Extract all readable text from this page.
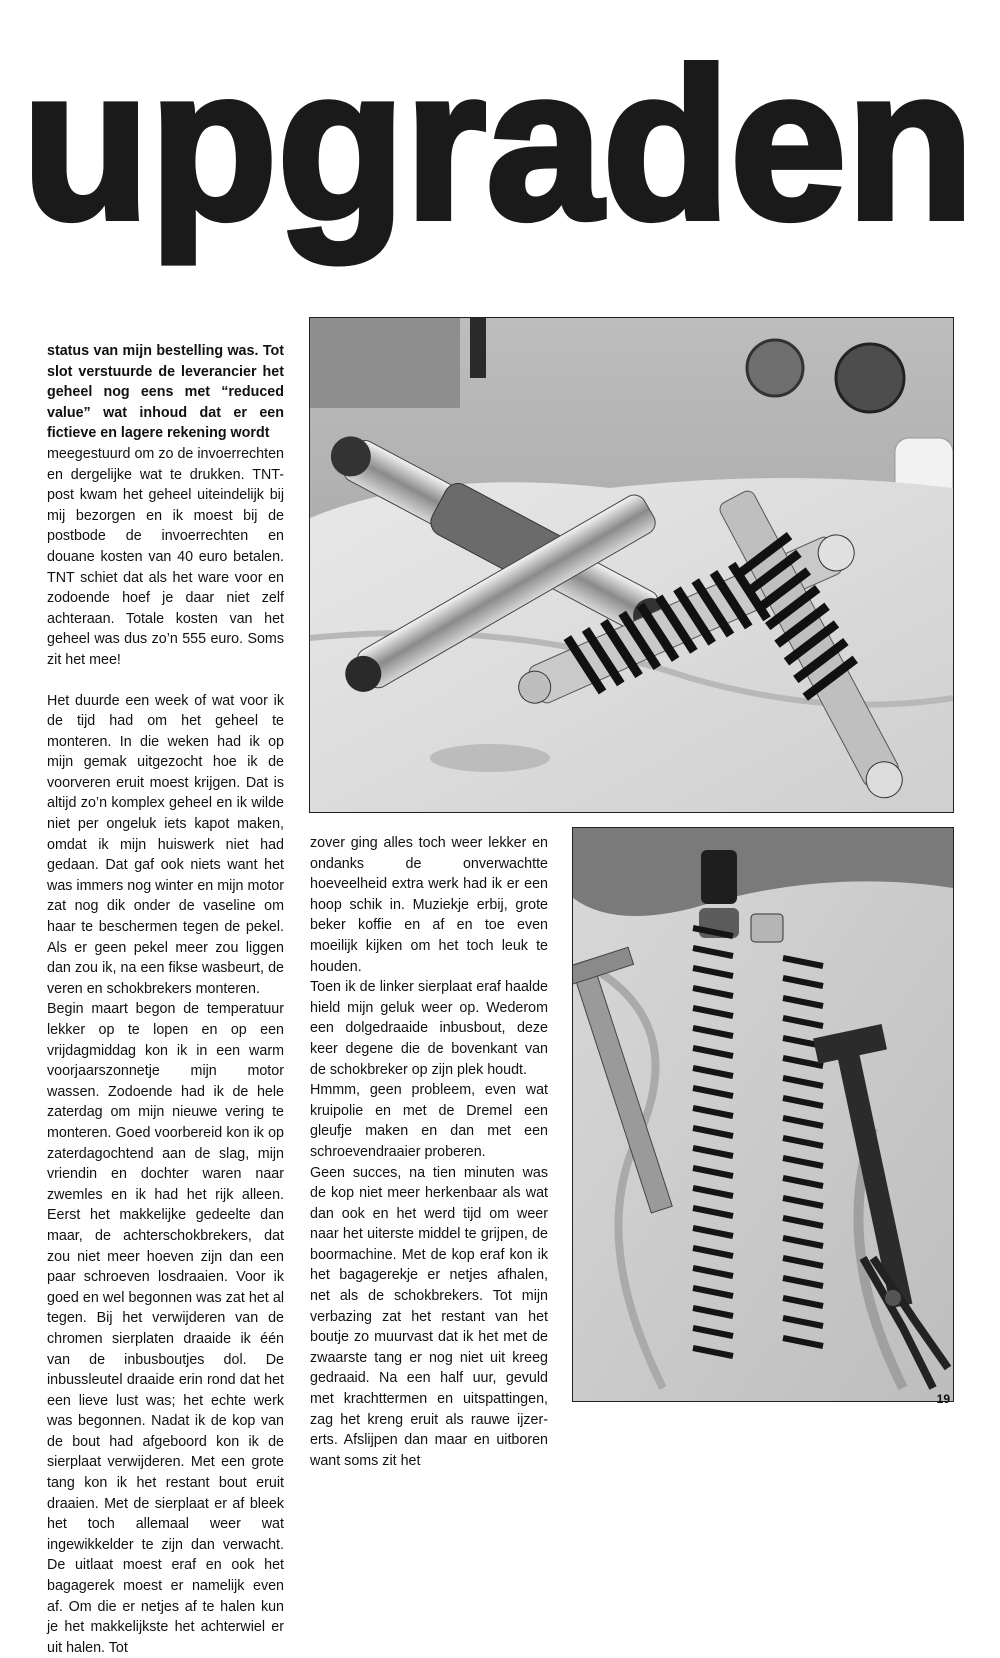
upgraden

status van mijn bestelling was. Tot slot verstuurde de leverancier het geheel nog eens met “reduced value” wat inhoud dat er een fictieve en lagere rekening wordt

meegestuurd om zo de invoerrechten en dergelijke wat te drukken. TNT-post kwam het geheel uiteindelijk bij mij bezorgen en ik moest bij de postbode de invoerrechten en douane kosten van 40 euro betalen. TNT schiet dat als het ware voor en zodoende hoef je daar niet zelf achteraan. Totale kosten van het geheel was dus zo’n 555 euro. Soms zit het mee!

Het duurde een week of wat voor ik de tijd had om het geheel te monteren. In die weken had ik op mijn gemak uitgezocht hoe ik de voorveren eruit moest krijgen. Dat is altijd zo’n komplex geheel en ik wilde niet per ongeluk iets kapot maken, omdat ik mijn huiswerk niet had gedaan. Dat gaf ook niets want het was immers nog winter en mijn motor zat nog dik onder de vaseline om haar te beschermen tegen de pekel. Als er geen pekel meer zou liggen dan zou ik, na een fikse wasbeurt, de veren en schokbrekers monteren.

Begin maart begon de temperatuur lekker op te lopen en op een vrijdagmiddag kon ik in een warm voorjaarszonnetje mijn motor wassen. Zodoende had ik de hele zaterdag om mijn nieuwe vering te monteren. Goed voorbereid kon ik op zaterdagochtend aan de slag, mijn vriendin en dochter waren naar zwemles en ik had het rijk alleen. Eerst het makkelijke gedeelte dan maar, de achterschokbrekers, dat zou niet meer hoeven zijn dan een paar schroeven losdraaien. Voor ik goed en wel begonnen was zat het al tegen. Bij het verwijderen van de chromen sierplaten draaide ik één van de inbusboutjes dol. De inbussleutel draaide erin rond dat het een lieve lust was; het echte werk was begonnen. Nadat ik de kop van de bout had afgeboord kon ik de sierplaat verwijderen. Met een grote tang kon ik het restant bout eruit draaien. Met de sierplaat er af bleek het toch allemaal weer wat ingewikkelder te zijn dan verwacht. De uitlaat moest eraf en ook het bagagerek moest er namelijk even af. Om die er netjes af te halen kun je het makkelijkste het achterwiel er uit halen. Tot

zover ging alles toch weer lekker en ondanks de onverwachtte hoeveelheid extra werk had ik er een hoop schik in. Muziekje erbij, grote beker koffie en af en toe even moeilijk kijken om het toch leuk te houden.

Toen ik de linker sierplaat eraf haalde hield mijn geluk weer op. Wederom een dolgedraaide inbusbout, deze keer degene die de bovenkant van de schokbreker op zijn plek houdt.

Hmmm, geen probleem, even wat kruipolie en met de Dremel een gleufje maken en dan met een schroevendraaier proberen.

Geen succes, na tien minuten was de kop niet meer herkenbaar als wat dan ook en het werd tijd om weer naar het uiterste middel te grijpen, de boormachine. Met de kop eraf kon ik het bagagerekje er netjes afhalen, net als de schokbrekers. Tot mijn verbazing zat het restant van het boutje zo muurvast dat ik het met de zwaarste tang er nog niet uit kreeg gedraaid. Na een half uur, gevuld met krachttermen en uitspattingen, zag het kreng eruit als rauwe ijzer-erts. Afslijpen dan maar en uitboren want soms zit het

19
